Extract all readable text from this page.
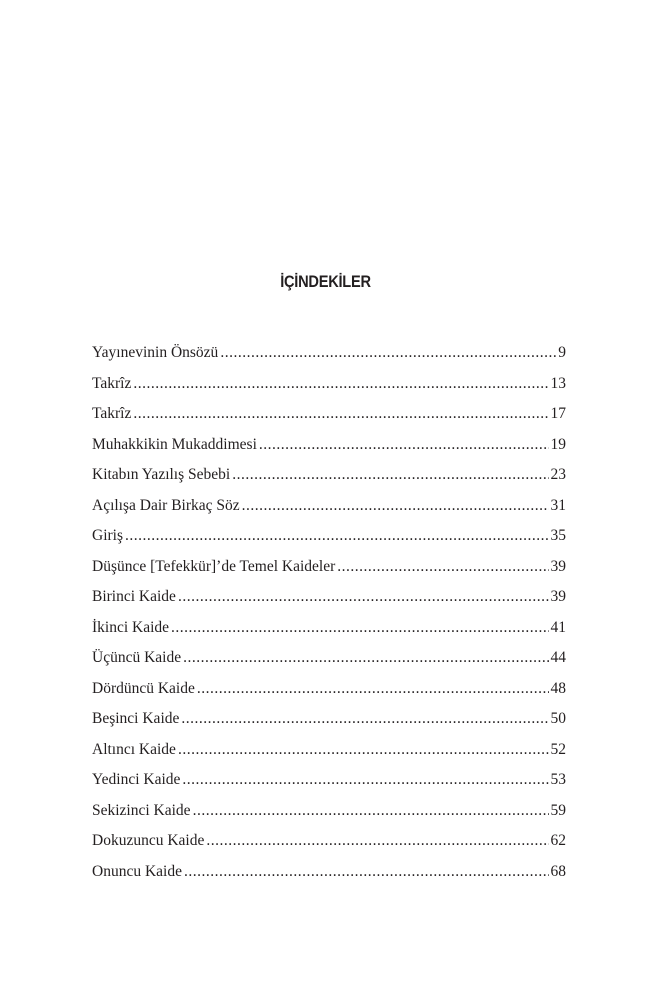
İÇİNDEKİLER
Yayınevinin Önsözü .....	9
Takrîz .....	13
Takrîz .....	17
Muhakkikin Mukaddimesi .....	19
Kitabın Yazılış Sebebi .....	23
Açılışa Dair Birkaç Söz .....	31
Giriş .....	35
Düşünce [Tefekkür]’de Temel Kaideler .....	39
Birinci Kaide .....	39
İkinci Kaide .....	41
Üçüncü Kaide .....	44
Dördüncü Kaide .....	48
Beşinci Kaide .....	50
Altıncı Kaide .....	52
Yedinci Kaide .....	53
Sekizinci Kaide .....	59
Dokuzuncu Kaide .....	62
Onuncu Kaide .....	68
